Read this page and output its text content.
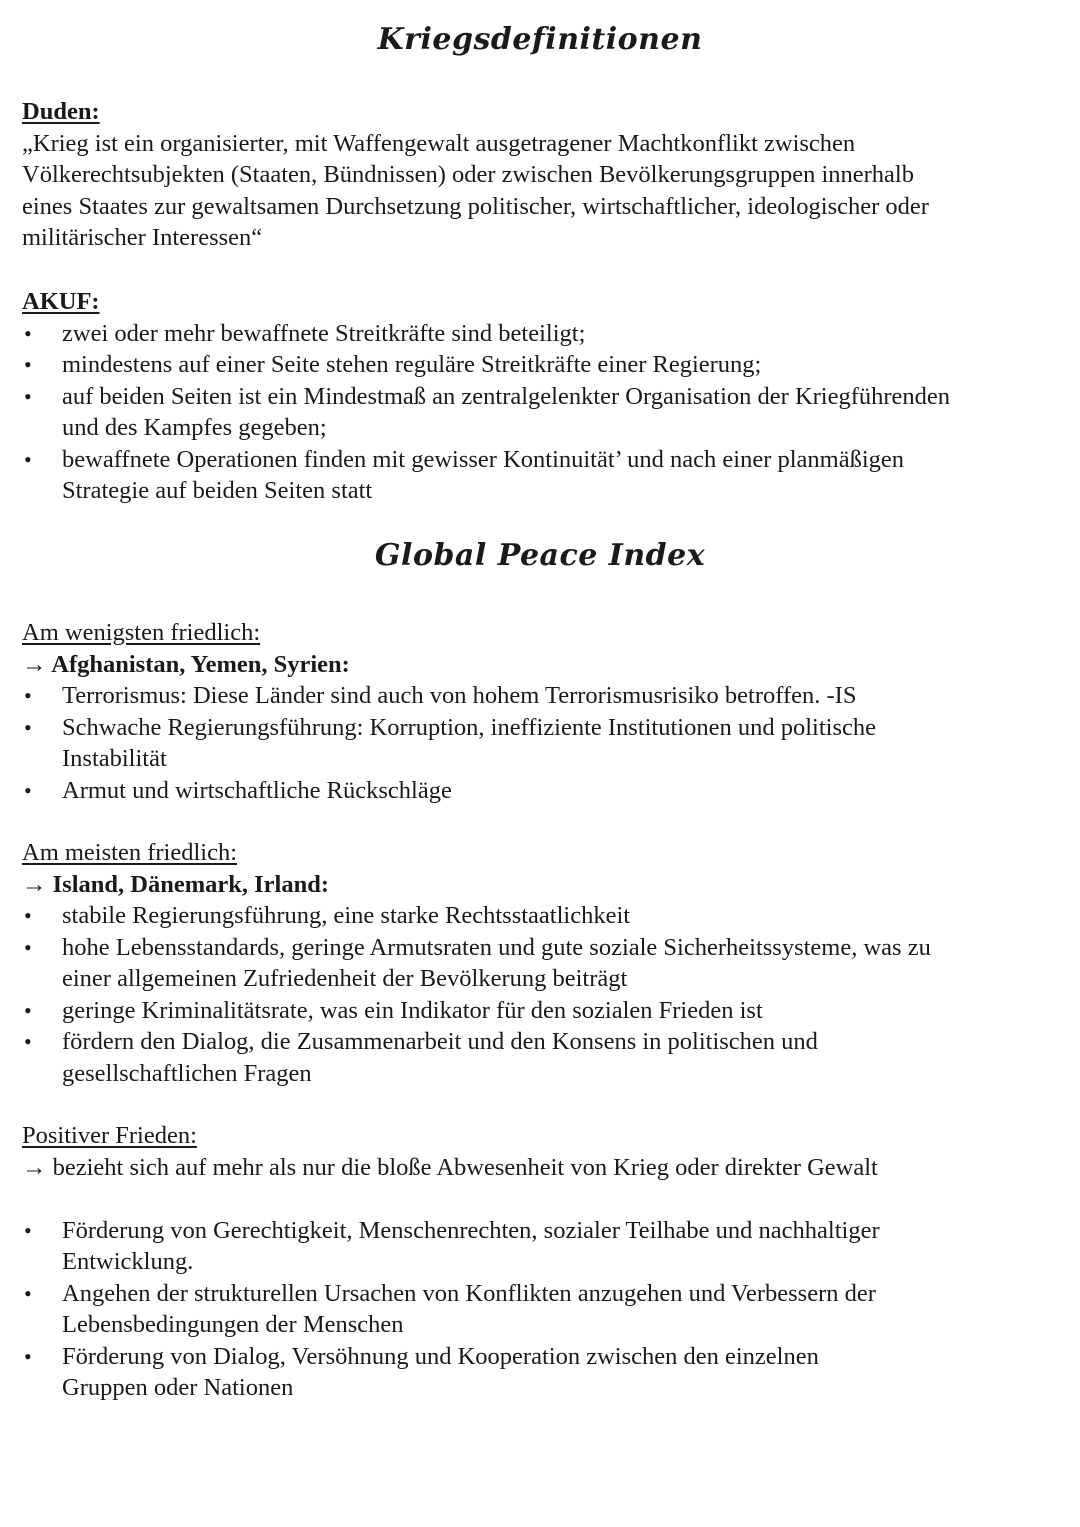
Kriegsdefinitionen

Duden:

„Krieg ist ein organisierter, mit Waffengewalt ausgetragener Machtkonflikt zwischen

Völkerechtsubjekten (Staaten, Bündnissen) oder zwischen Bevölkerungsgruppen innerhalb

eines Staates zur gewaltsamen Durchsetzung politischer, wirtschaftlicher, ideologischer oder

militärischer Interessen“

AKUF:

• zwei oder mehr bewaffnete Streitkräfte sind beteiligt;
• mindestens auf einer Seite stehen reguläre Streitkräfte einer Regierung;
• auf beiden Seiten ist ein Mindestmaß an zentralgelenkter Organisation der Kriegführenden
und des Kampfes gegeben;
• bewaffnete Operationen finden mit gewisser Kontinuität’ und nach einer planmäßigen
Strategie auf beiden Seiten statt
Global Peace Index

Am wenigsten friedlich:

→ Afghanistan, Yemen, Syrien:

• Terrorismus: Diese Länder sind auch von hohem Terrorismusrisiko betroffen. -IS
• Schwache Regierungsführung: Korruption, ineffiziente Institutionen und politische
Instabilität
• Armut und wirtschaftliche Rückschläge

Am meisten friedlich:

→ Island, Dänemark, Irland:

• stabile Regierungsführung, eine starke Rechtsstaatlichkeit
• hohe Lebensstandards, geringe Armutsraten und gute soziale Sicherheitssysteme, was zu
einer allgemeinen Zufriedenheit der Bevölkerung beiträgt
• geringe Kriminalitätsrate, was ein Indikator für den sozialen Frieden ist
• fördern den Dialog, die Zusammenarbeit und den Konsens in politischen und
gesellschaftlichen Fragen

Positiver Frieden:

→ bezieht sich auf mehr als nur die bloße Abwesenheit von Krieg oder direkter Gewalt

• Förderung von Gerechtigkeit, Menschenrechten, sozialer Teilhabe und nachhaltiger
Entwicklung.
• Angehen der strukturellen Ursachen von Konflikten anzugehen und Verbessern der
Lebensbedingungen der Menschen
• Förderung von Dialog, Versöhnung und Kooperation zwischen den einzelnen
Gruppen oder Nationen
